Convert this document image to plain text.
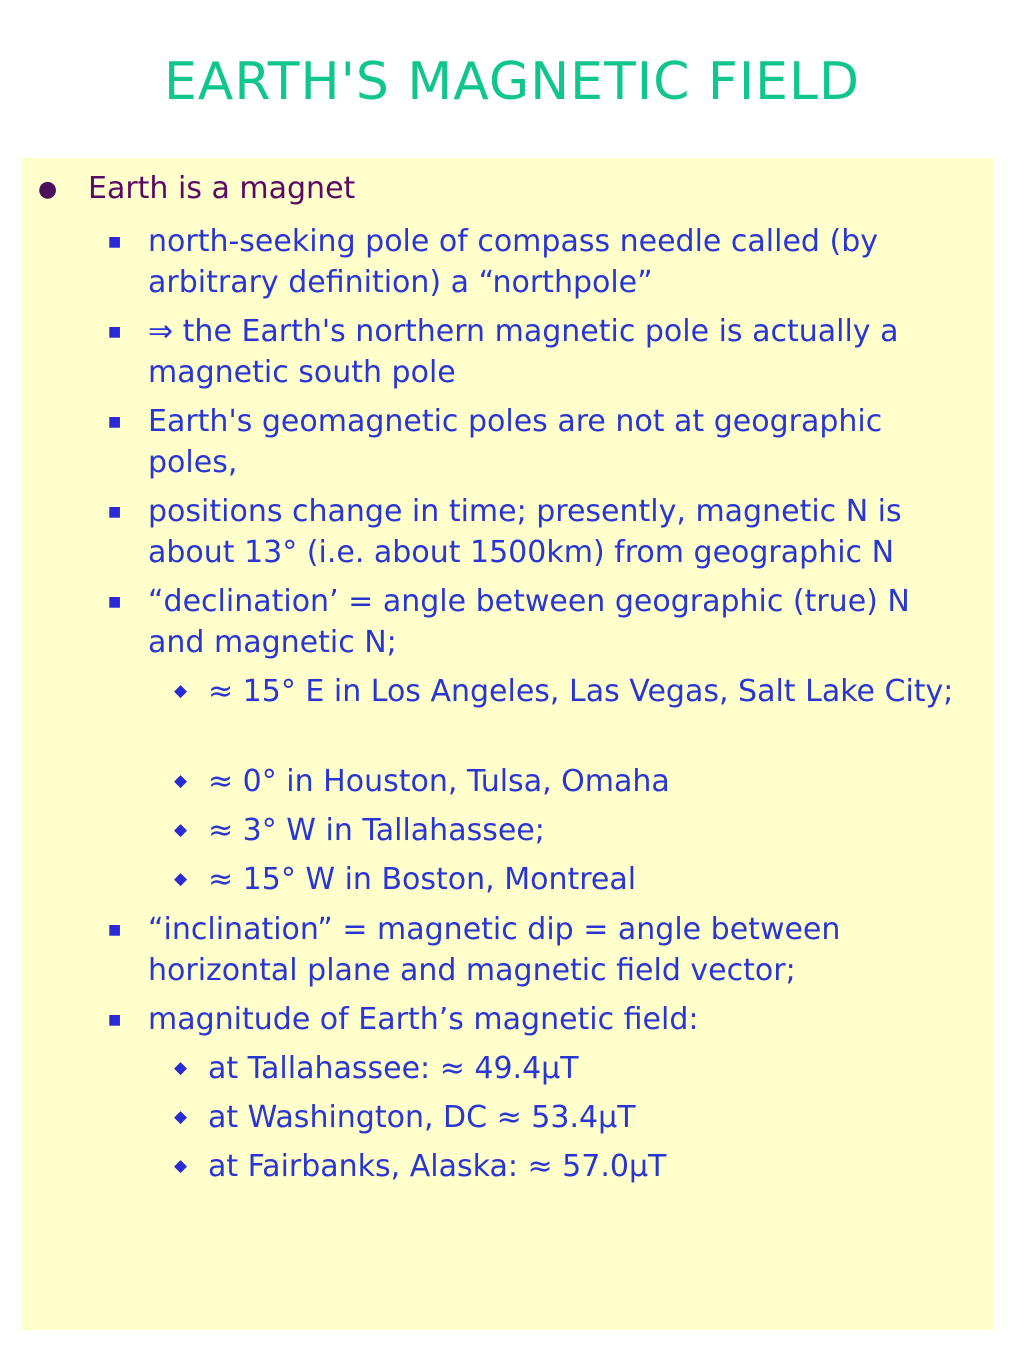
EARTH'S MAGNETIC FIELD
● Earth is a magnet
■ north-seeking pole of compass needle called (by arbitrary definition) a “northpole”
■ ⇒ the Earth's northern magnetic pole is actually a magnetic south pole
■ Earth's geomagnetic poles are not at geographic poles,
■ positions change in time; presently, magnetic N is about 13° (i.e. about 1500km) from geographic N
■ “declination’ = angle between geographic (true) N and magnetic N;
◆ ≈ 15° E in Los Angeles, Las Vegas, Salt Lake City;
◆ ≈ 0° in Houston, Tulsa, Omaha
◆ ≈ 3° W in Tallahassee;
◆ ≈ 15° W in Boston, Montreal
■ “inclination” = magnetic dip = angle between horizontal plane and magnetic field vector;
■ magnitude of Earth’s magnetic field:
◆ at Tallahassee: ≈ 49.4μT
◆ at Washington, DC ≈ 53.4μT
◆ at Fairbanks, Alaska: ≈ 57.0μT
